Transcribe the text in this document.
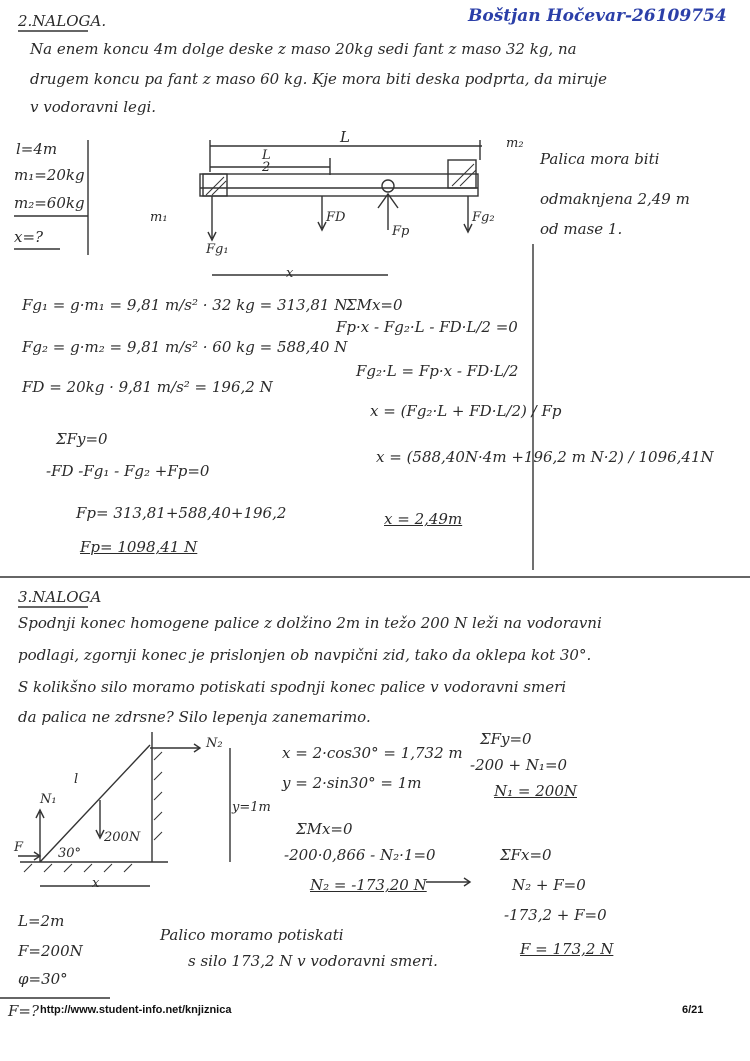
Boštjan Hočevar-26109754
2.NALOGA.
Na enem koncu 4m dolge deske z maso 20kg sedi fant z maso 32 kg, na
drugem koncu pa fant z maso 60 kg. Kje mora biti deska podprta, da miruje
v vodoravni legi.
l=4m
m₁=20kg
m₂=60kg
x=?
L
L
2
m₂
m₁
Fg₁
FD
Fp
Fg₂
x
Palica mora biti
odmaknjena 2,49 m
od mase 1.
Fg₁ = g·m₁ = 9,81 m/s² · 32 kg = 313,81 N
Fg₂ = g·m₂ = 9,81 m/s² · 60 kg = 588,40 N
FD = 20kg · 9,81 m/s² = 196,2 N
ΣFy=0
-FD -Fg₁ - Fg₂ +Fp=0
Fp= 313,81+588,40+196,2
Fp= 1098,41 N
ΣMx=0
Fp·x - Fg₂·L - FD·L/2 =0
Fg₂·L = Fp·x - FD·L/2
x = (Fg₂·L + FD·L/2) / Fp
x = (588,40N·4m +196,2 m N·2) / 1096,41N
x = 2,49m
3.NALOGA
Spodnji konec homogene palice z dolžino 2m in težo 200 N leži na vodoravni
podlagi, zgornji konec je prislonjen ob navpični zid, tako da oklepa kot 30°.
S kolikšno silo moramo potiskati spodnji konec palice v vodoravni smeri
da palica ne zdrsne? Silo lepenja zanemarimo.
N₂
N₁
F	30°
200N
y=1m
x
l
x = 2·cos30° = 1,732 m
y = 2·sin30° = 1m
ΣMx=0
-200·0,866 - N₂·1=0
N₂ = -173,20 N
ΣFy=0
-200 + N₁=0
N₁ = 200N
ΣFx=0
N₂ + F=0
-173,2 + F=0
F = 173,2 N
L=2m
F=200N
φ=30°
F=?
Palico moramo potiskati
s silo 173,2 N v vodoravni smeri.
http://www.student-info.net/knjiznica	6/21
